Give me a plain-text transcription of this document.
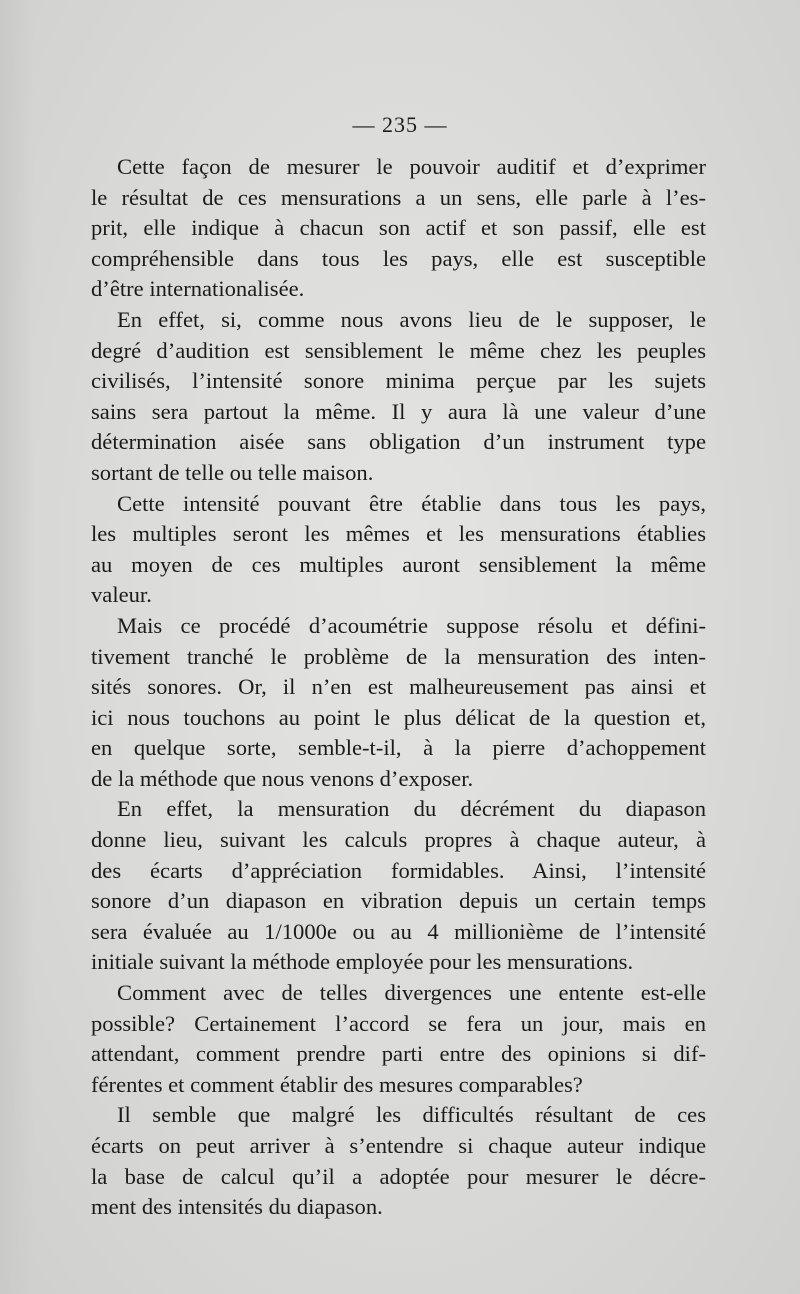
— 235 —

Cette façon de mesurer le pouvoir auditif et d’exprimer
le résultat de ces mensurations a un sens, elle parle à l’es-
prit, elle indique à chacun son actif et son passif, elle est
compréhensible dans tous les pays, elle est susceptible
d’être internationalisée.

En effet, si, comme nous avons lieu de le supposer, le
degré d’audition est sensiblement le même chez les peuples
civilisés, l’intensité sonore minima perçue par les sujets
sains sera partout la même. Il y aura là une valeur d’une
détermination aisée sans obligation d’un instrument type
sortant de telle ou telle maison.

Cette intensité pouvant être établie dans tous les pays,
les multiples seront les mêmes et les mensurations établies
au moyen de ces multiples auront sensiblement la même
valeur.

Mais ce procédé d’acoumétrie suppose résolu et défini-
tivement tranché le problème de la mensuration des inten-
sités sonores. Or, il n’en est malheureusement pas ainsi et
ici nous touchons au point le plus délicat de la question et,
en quelque sorte, semble-t-il, à la pierre d’achoppement
de la méthode que nous venons d’exposer.

En effet, la mensuration du décrément du diapason
donne lieu, suivant les calculs propres à chaque auteur, à
des écarts d’appréciation formidables. Ainsi, l’intensité
sonore d’un diapason en vibration depuis un certain temps
sera évaluée au 1/1000e ou au 4 millionième de l’intensité
initiale suivant la méthode employée pour les mensurations.

Comment avec de telles divergences une entente est-elle
possible? Certainement l’accord se fera un jour, mais en
attendant, comment prendre parti entre des opinions si dif-
férentes et comment établir des mesures comparables?

Il semble que malgré les difficultés résultant de ces
écarts on peut arriver à s’entendre si chaque auteur indique
la base de calcul qu’il a adoptée pour mesurer le décre-
ment des intensités du diapason.
